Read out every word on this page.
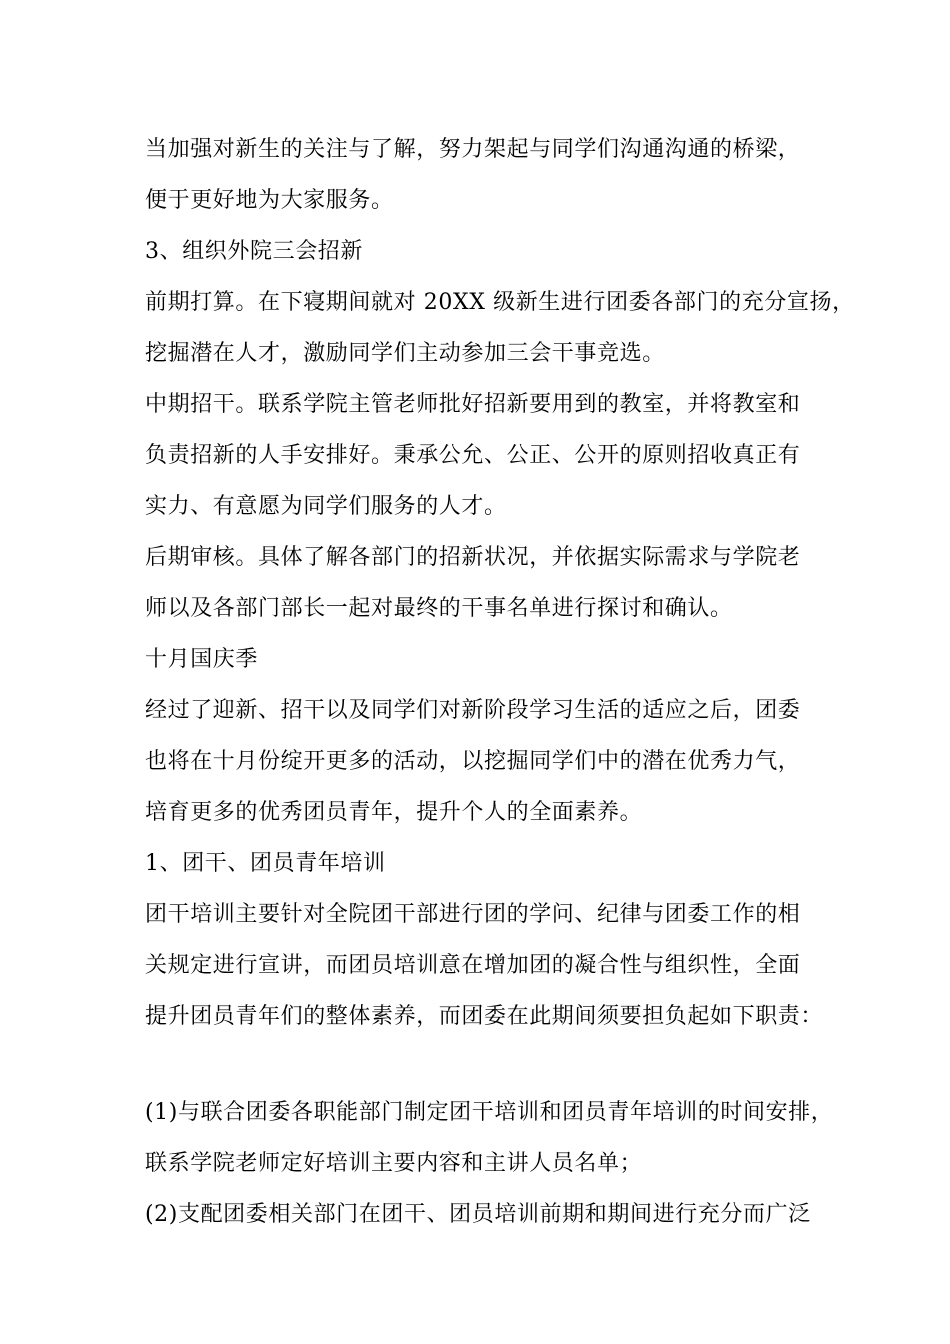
当加强对新生的关注与了解，努力架起与同学们沟通沟通的桥梁，
便于更好地为大家服务。
3、组织外院三会招新
前期打算。在下寝期间就对 20XX 级新生进行团委各部门的充分宣扬，
挖掘潜在人才，激励同学们主动参加三会干事竞选。
中期招干。联系学院主管老师批好招新要用到的教室，并将教室和
负责招新的人手安排好。秉承公允、公正、公开的原则招收真正有
实力、有意愿为同学们服务的人才。
后期审核。具体了解各部门的招新状况，并依据实际需求与学院老
师以及各部门部长一起对最终的干事名单进行探讨和确认。
十月国庆季
经过了迎新、招干以及同学们对新阶段学习生活的适应之后，团委
也将在十月份绽开更多的活动，以挖掘同学们中的潜在优秀力气，
培育更多的优秀团员青年，提升个人的全面素养。
1、团干、团员青年培训
团干培训主要针对全院团干部进行团的学问、纪律与团委工作的相
关规定进行宣讲，而团员培训意在增加团的凝合性与组织性，全面
提升团员青年们的整体素养，而团委在此期间须要担负起如下职责：
(1)与联合团委各职能部门制定团干培训和团员青年培训的时间安排，
联系学院老师定好培训主要内容和主讲人员名单；
(2)支配团委相关部门在团干、团员培训前期和期间进行充分而广泛
